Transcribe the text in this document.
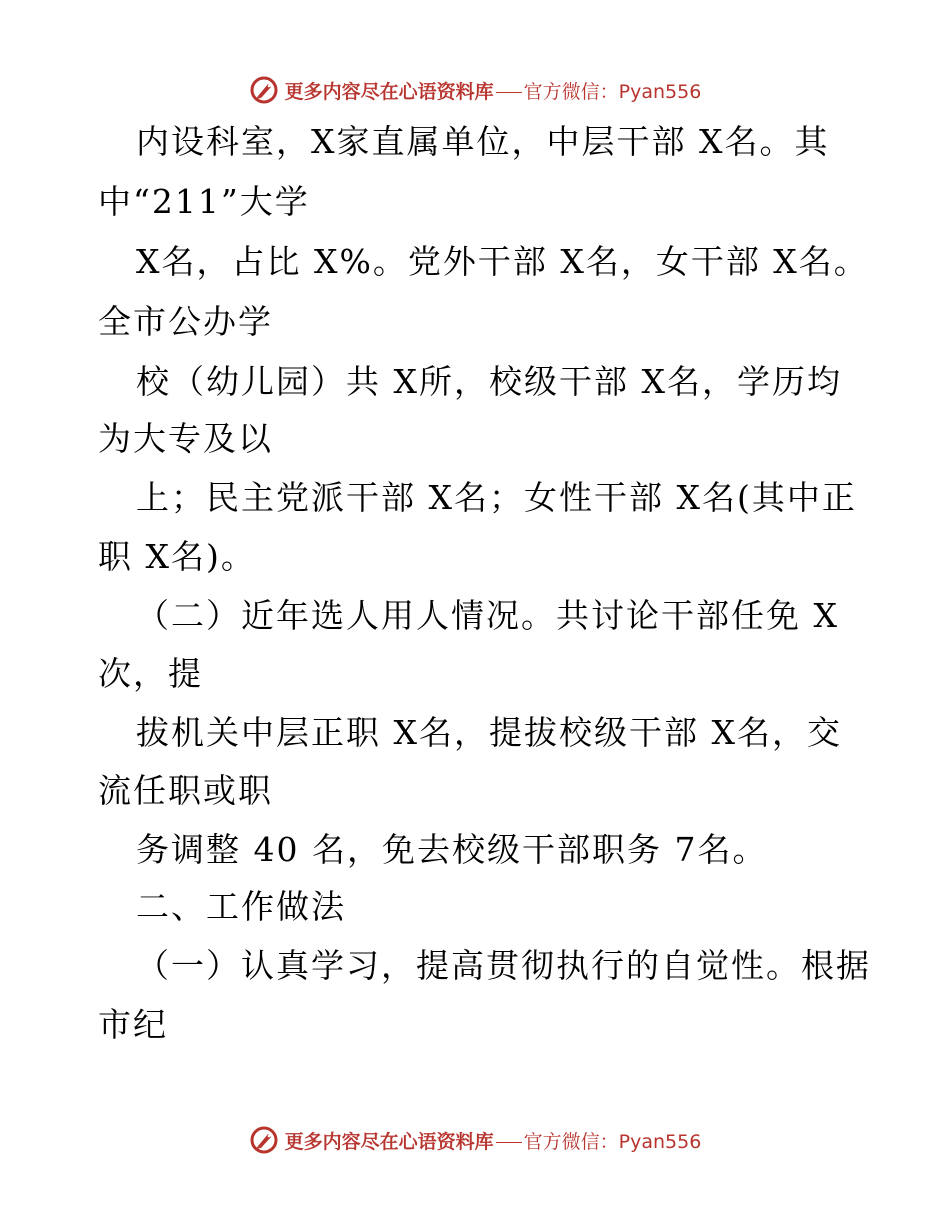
更多内容尽在心语资料库 官方微信：Pyan556
内设科室，X家直属单位，中层干部 X名。其
中“211”大学
X名，占比 X%。党外干部 X名，女干部 X名。
全市公办学
校（幼儿园）共 X所，校级干部 X名，学历均
为大专及以
上；民主党派干部 X名；女性干部 X名(其中正
职 X名)。
（二）近年选人用人情况。共讨论干部任免 X
次，提
拔机关中层正职 X名，提拔校级干部 X名，交
流任职或职
务调整 40 名，免去校级干部职务 7名。
二、工作做法
（一）认真学习，提高贯彻执行的自觉性。根据
市纪
更多内容尽在心语资料库 官方微信：Pyan556
